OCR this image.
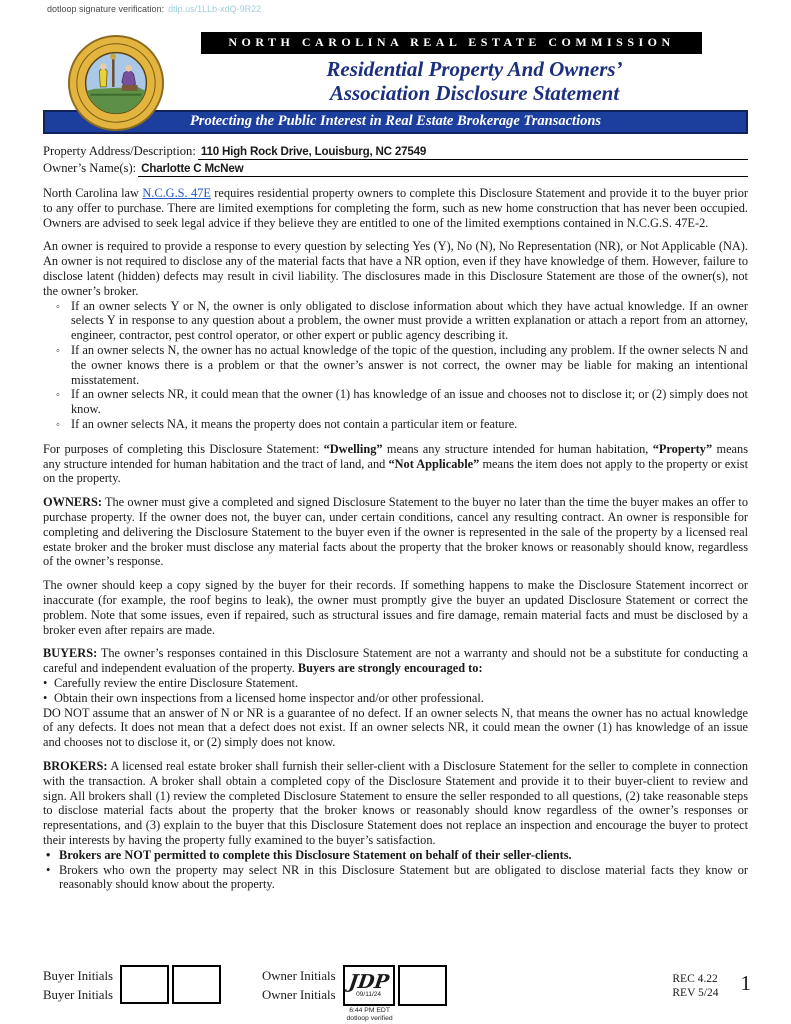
dotloop signature verification: dtlp.us/1LLb-xdQ-9R22
NORTH CAROLINA REAL ESTATE COMMISSION
Residential Property And Owners’
Association Disclosure Statement
Protecting the Public Interest in Real Estate Brokerage Transactions
Property Address/Description: 110 High Rock Drive, Louisburg, NC 27549
Owner’s Name(s): Charlotte C McNew
North Carolina law N.C.G.S. 47E requires residential property owners to complete this Disclosure Statement and provide it to the buyer prior to any offer to purchase. There are limited exemptions for completing the form, such as new home construction that has never been occupied. Owners are advised to seek legal advice if they believe they are entitled to one of the limited exemptions contained in N.C.G.S. 47E-2.
An owner is required to provide a response to every question by selecting Yes (Y), No (N), No Representation (NR), or Not Applicable (NA). An owner is not required to disclose any of the material facts that have a NR option, even if they have knowledge of them. However, failure to disclose latent (hidden) defects may result in civil liability. The disclosures made in this Disclosure Statement are those of the owner(s), not the owner’s broker.
◦ If an owner selects Y or N, the owner is only obligated to disclose information about which they have actual knowledge. If an owner selects Y in response to any question about a problem, the owner must provide a written explanation or attach a report from an attorney, engineer, contractor, pest control operator, or other expert or public agency describing it.
◦ If an owner selects N, the owner has no actual knowledge of the topic of the question, including any problem. If the owner selects N and the owner knows there is a problem or that the owner’s answer is not correct, the owner may be liable for making an intentional misstatement.
◦ If an owner selects NR, it could mean that the owner (1) has knowledge of an issue and chooses not to disclose it; or (2) simply does not know.
◦ If an owner selects NA, it means the property does not contain a particular item or feature.
For purposes of completing this Disclosure Statement: “Dwelling” means any structure intended for human habitation, “Property” means any structure intended for human habitation and the tract of land, and “Not Applicable” means the item does not apply to the property or exist on the property.
OWNERS: The owner must give a completed and signed Disclosure Statement to the buyer no later than the time the buyer makes an offer to purchase property. If the owner does not, the buyer can, under certain conditions, cancel any resulting contract. An owner is responsible for completing and delivering the Disclosure Statement to the buyer even if the owner is represented in the sale of the property by a licensed real estate broker and the broker must disclose any material facts about the property that the broker knows or reasonably should know, regardless of the owner’s response.
The owner should keep a copy signed by the buyer for their records. If something happens to make the Disclosure Statement incorrect or inaccurate (for example, the roof begins to leak), the owner must promptly give the buyer an updated Disclosure Statement or correct the problem. Note that some issues, even if repaired, such as structural issues and fire damage, remain material facts and must be disclosed by a broker even after repairs are made.
BUYERS: The owner’s responses contained in this Disclosure Statement are not a warranty and should not be a substitute for conducting a careful and independent evaluation of the property. Buyers are strongly encouraged to:
• Carefully review the entire Disclosure Statement.
• Obtain their own inspections from a licensed home inspector and/or other professional.
DO NOT assume that an answer of N or NR is a guarantee of no defect. If an owner selects N, that means the owner has no actual knowledge of any defects. It does not mean that a defect does not exist. If an owner selects NR, it could mean the owner (1) has knowledge of an issue and chooses not to disclose it, or (2) simply does not know.
BROKERS: A licensed real estate broker shall furnish their seller-client with a Disclosure Statement for the seller to complete in connection with the transaction. A broker shall obtain a completed copy of the Disclosure Statement and provide it to their buyer-client to review and sign. All brokers shall (1) review the completed Disclosure Statement to ensure the seller responded to all questions, (2) take reasonable steps to disclose material facts about the property that the broker knows or reasonably should know regardless of the owner’s responses or representations, and (3) explain to the buyer that this Disclosure Statement does not replace an inspection and encourage the buyer to protect their interests by having the property fully examined to the buyer’s satisfaction.
• Brokers are NOT permitted to complete this Disclosure Statement on behalf of their seller-clients.
• Brokers who own the property may select NR in this Disclosure Statement but are obligated to disclose material facts they know or reasonably should know about the property.
Buyer Initials
Buyer Initials
Owner Initials
Owner Initials
JDP
09/11/24
6:44 PM EDT
dotloop verified
REC 4.22
REV 5/24 1
